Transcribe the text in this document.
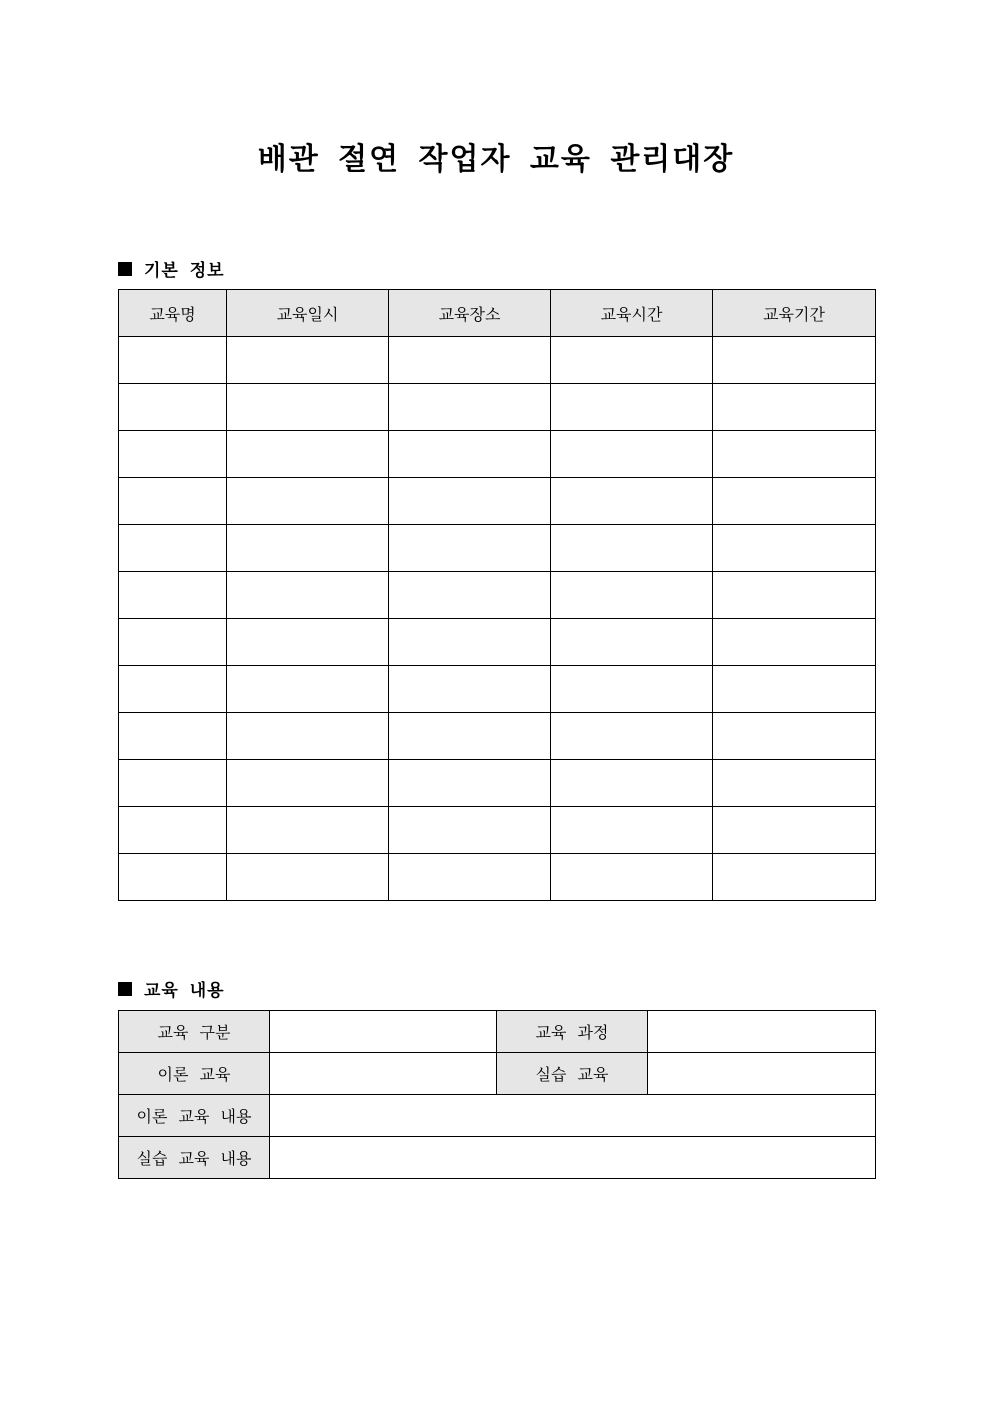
배관 절연 작업자 교육 관리대장
기본 정보
교육명	교육일시	교육장소	교육시간	교육기간

교육 내용
교육 구분		교육 과정	
이론 교육		실습 교육	
이론 교육 내용			
실습 교육 내용			
